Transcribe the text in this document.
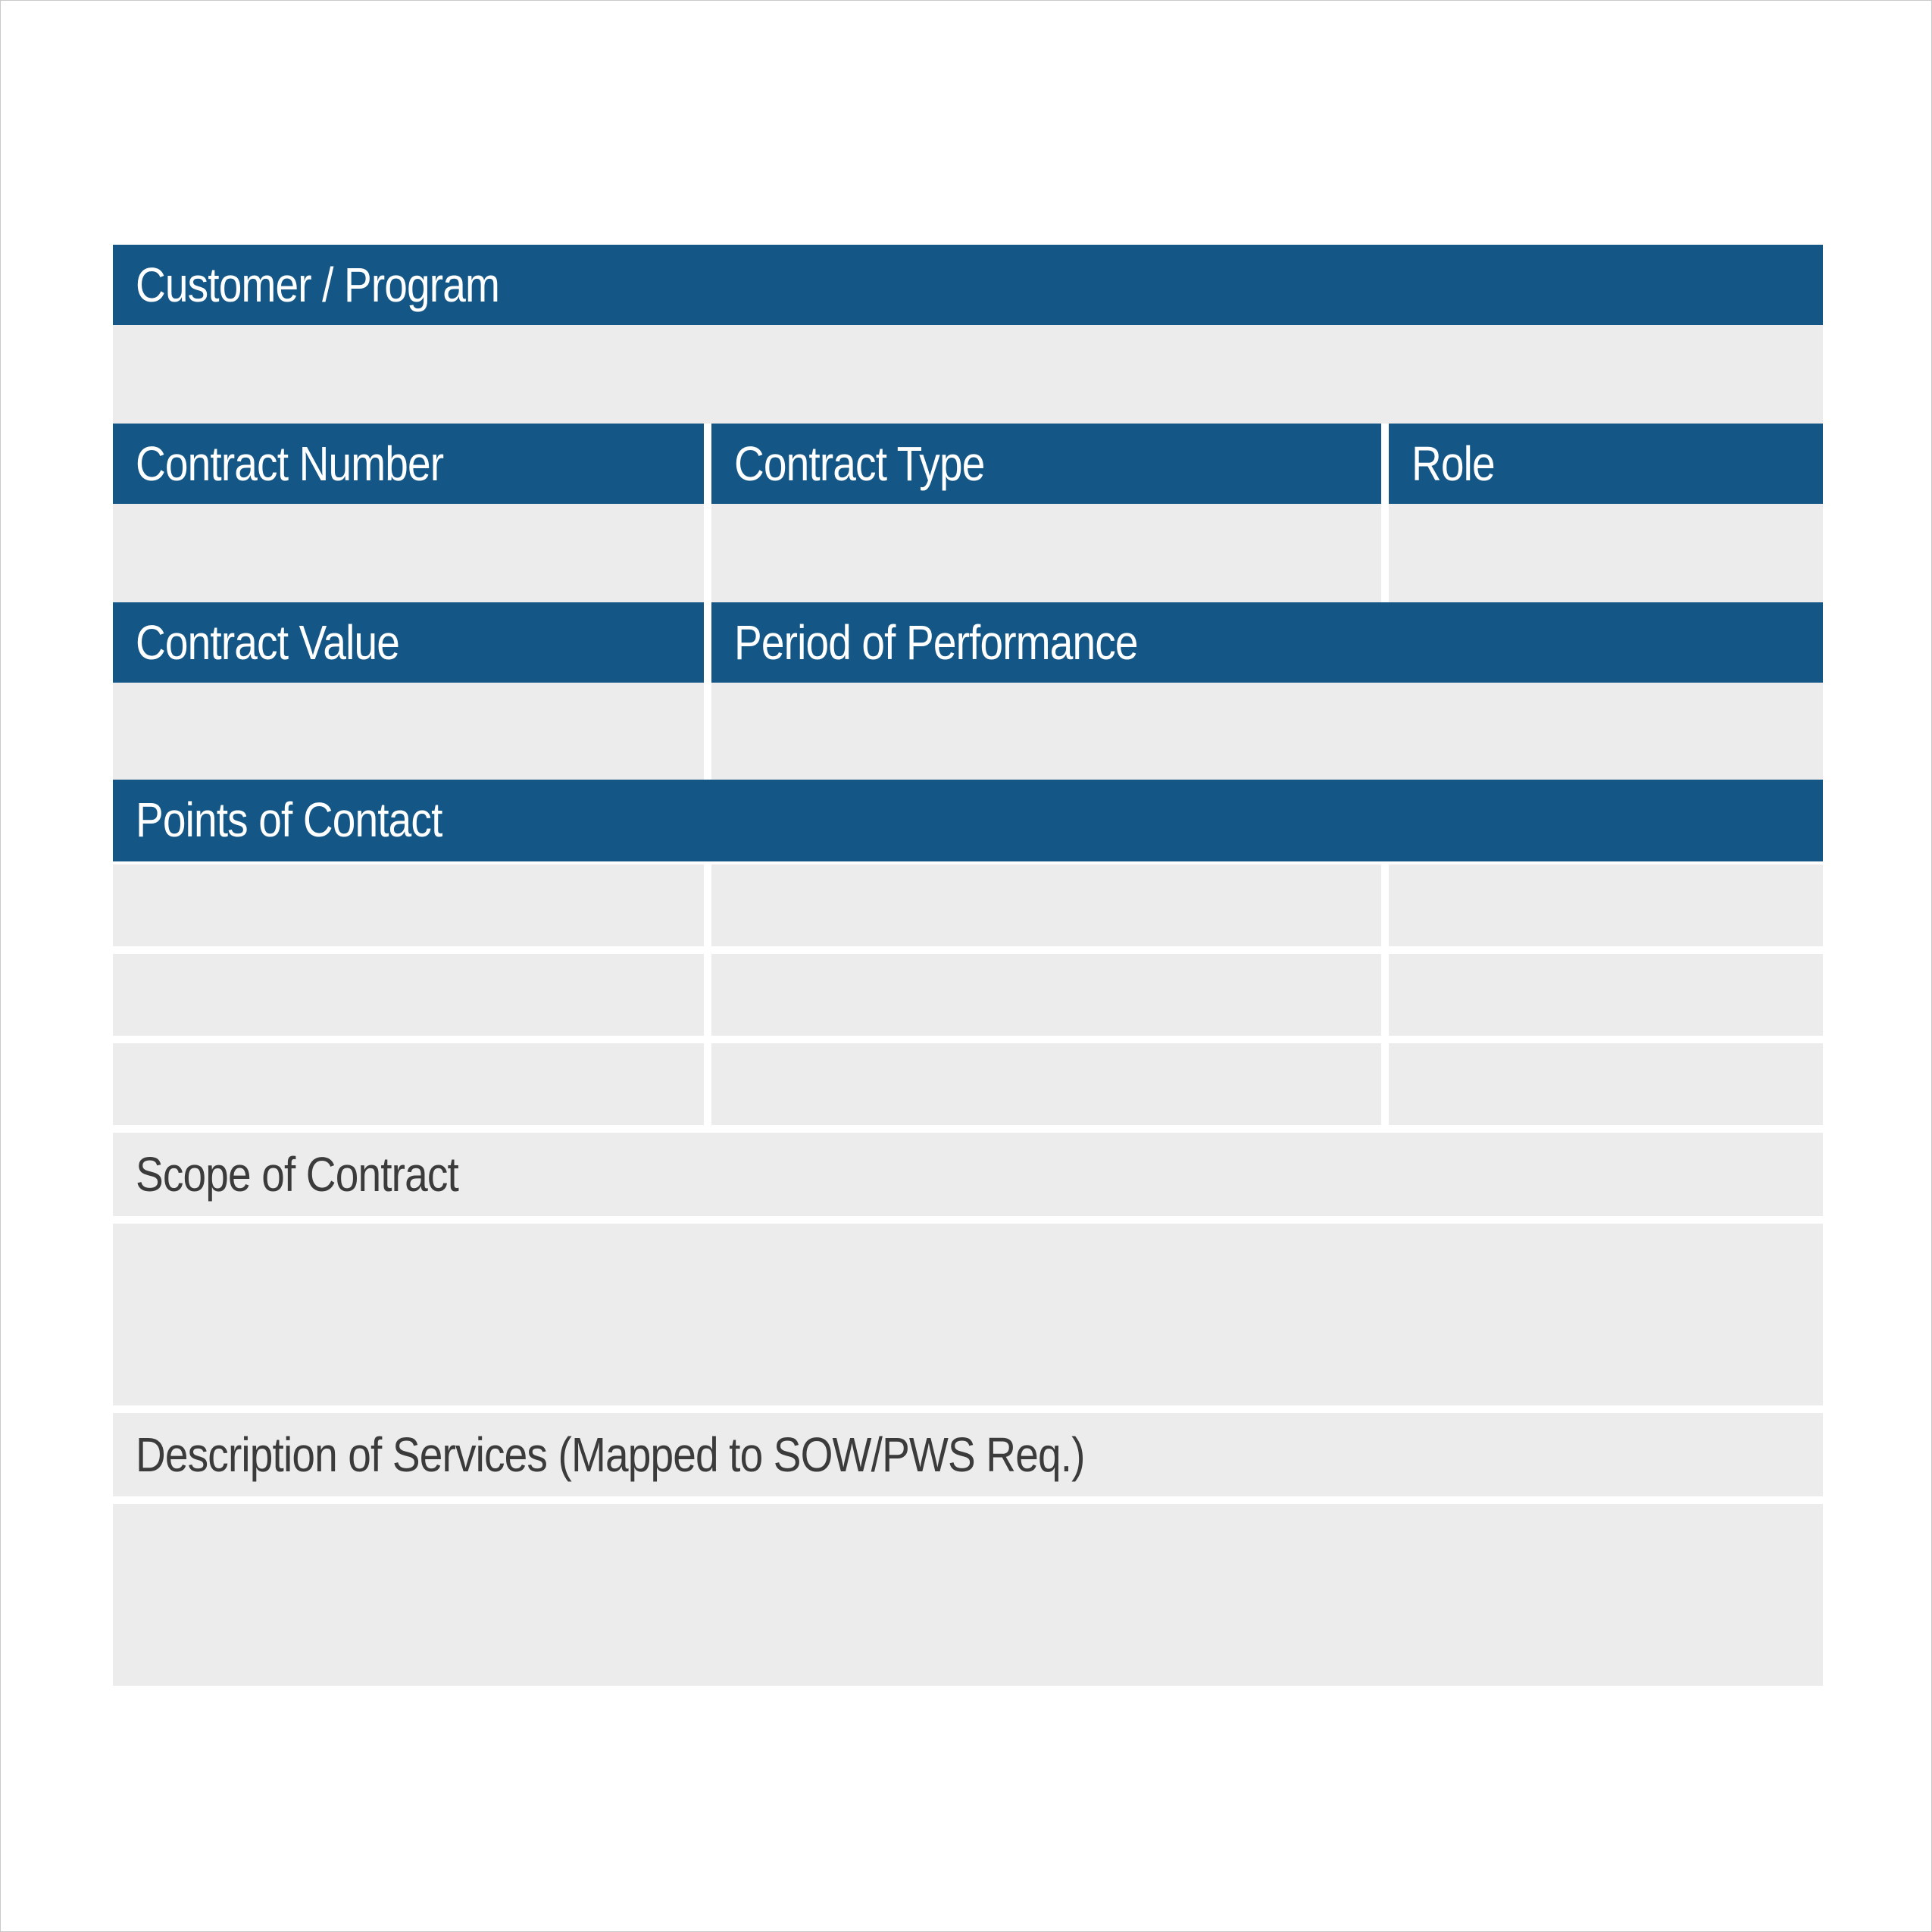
Customer / Program
Contract Number	Contract Type	Role
Contract Value	Period of Performance
Points of Contact
Scope of Contract
Description of Services (Mapped to SOW/PWS Req.)
